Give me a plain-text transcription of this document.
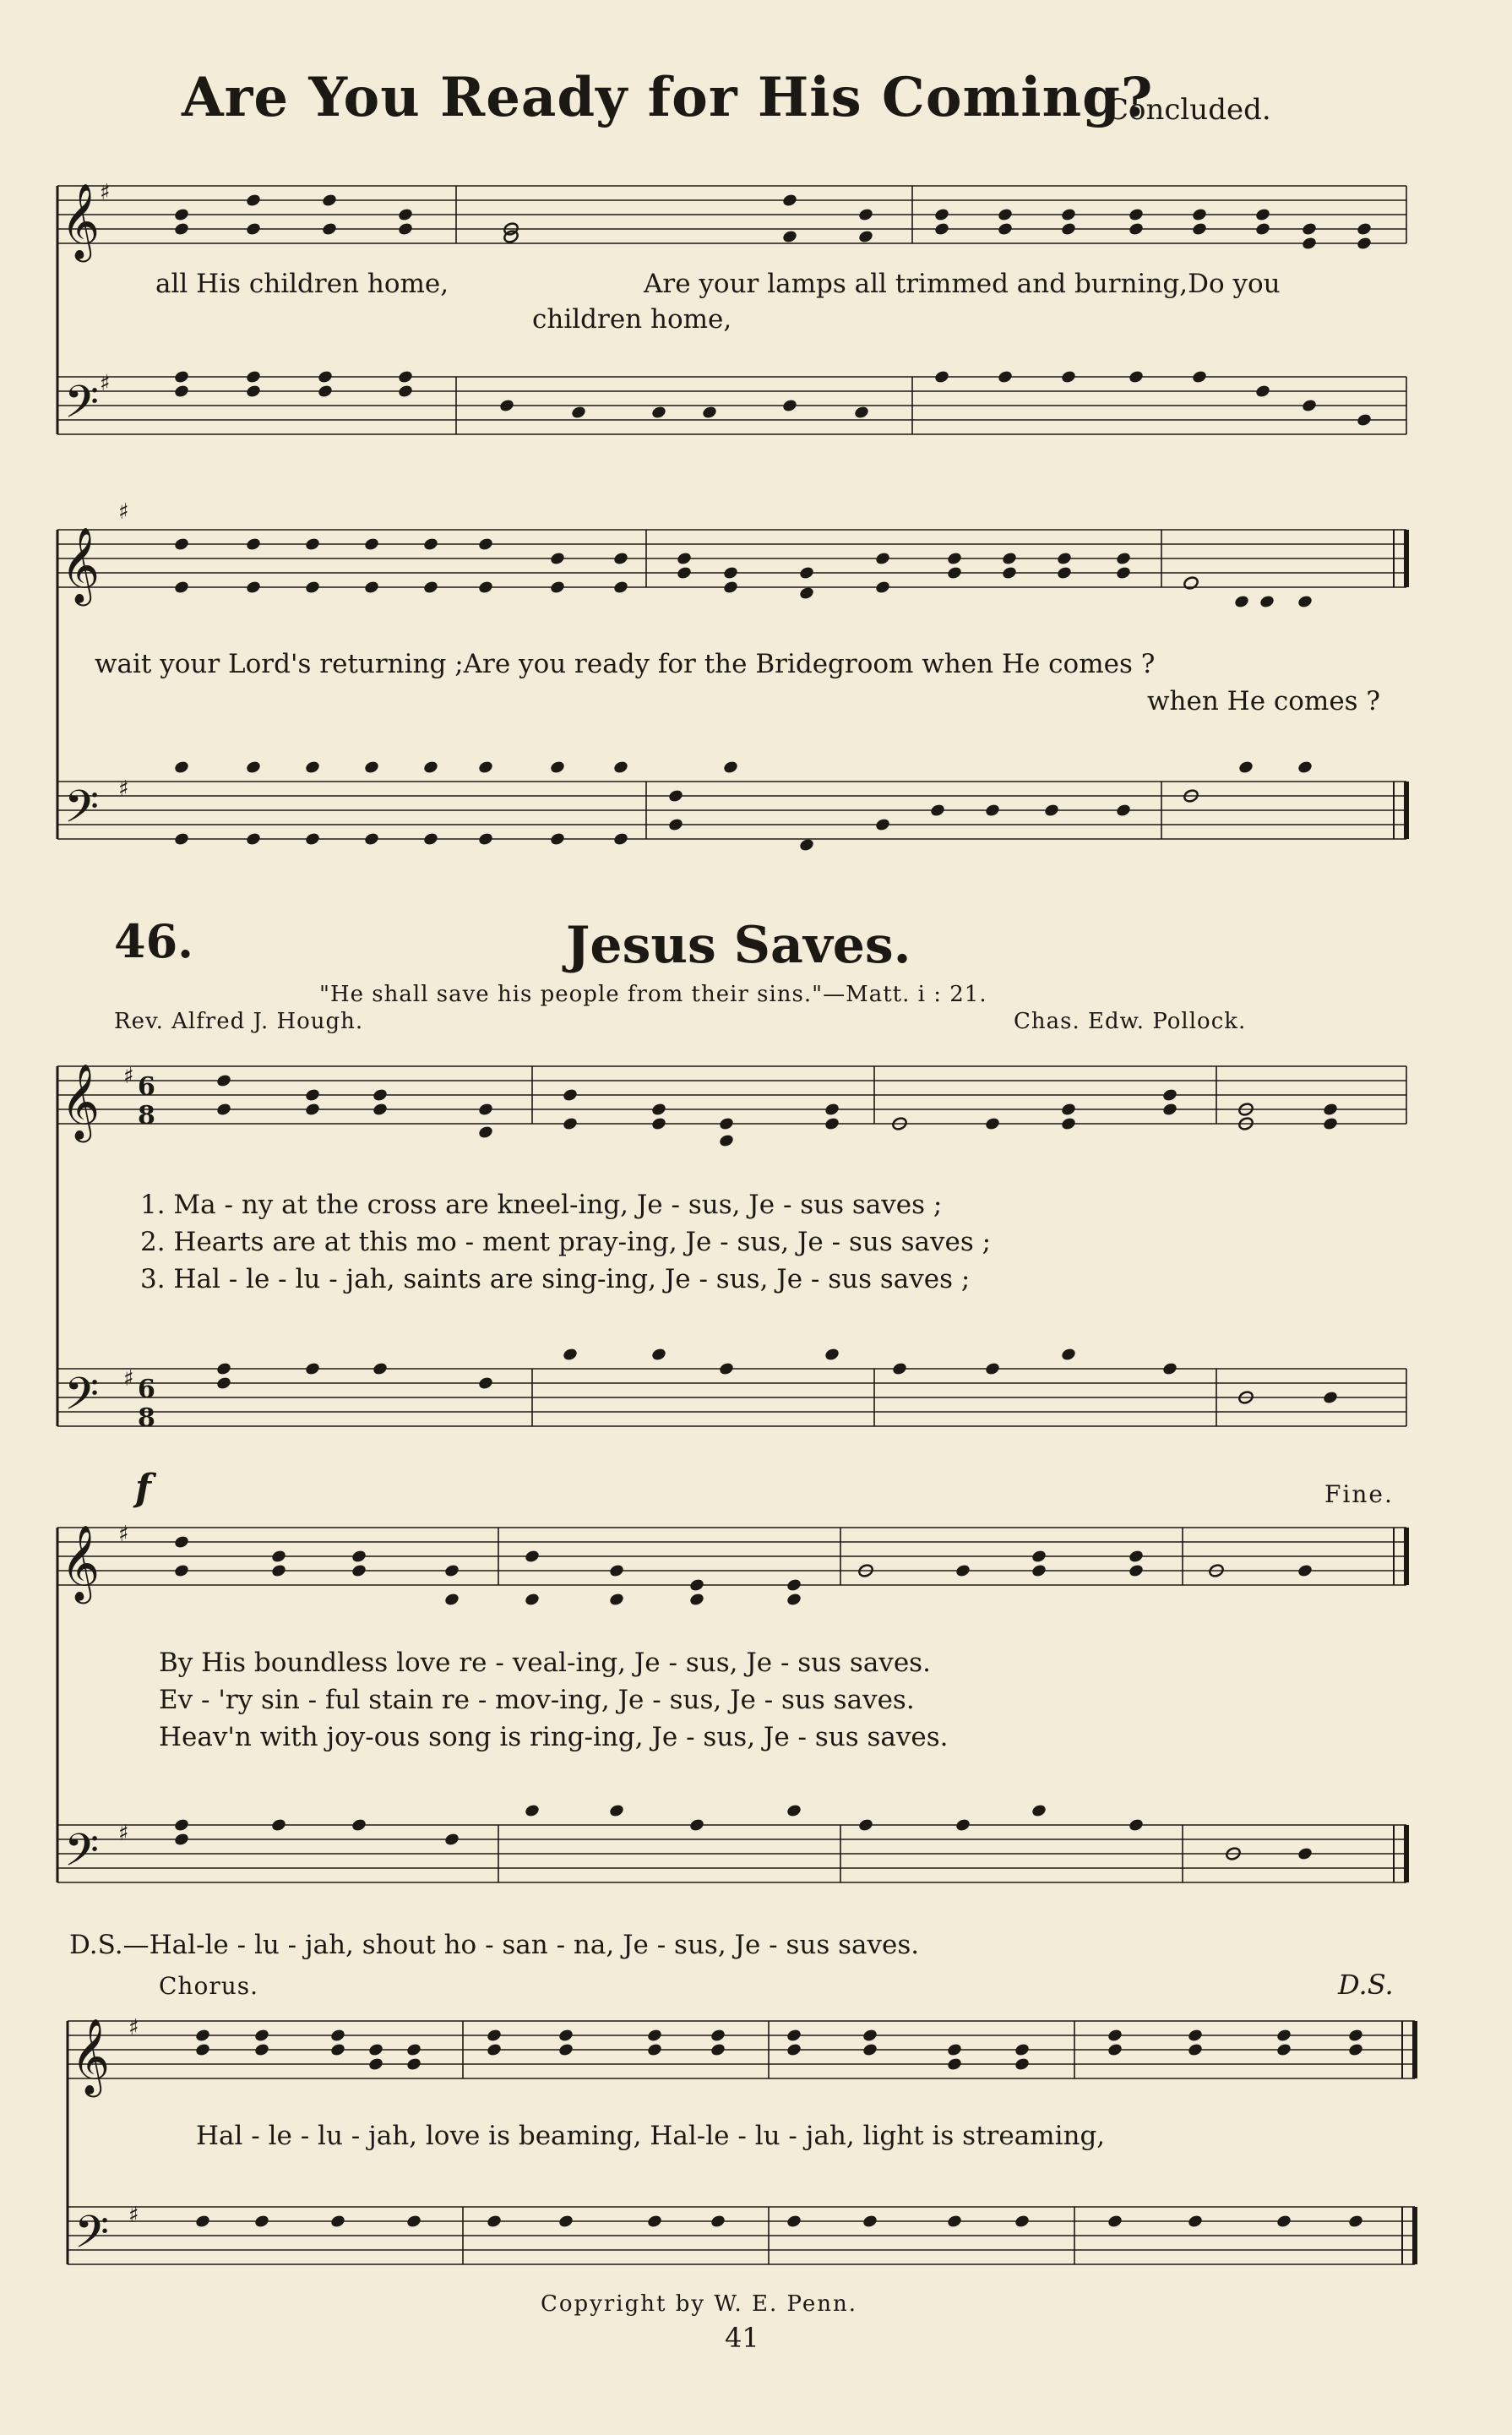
Are You Ready for His Coming?
Concluded.
𝄞
𝄢
♯
♯
all His children home,	Are your lamps all trimmed and burning,Do you
children home,
𝄞
𝄢
♯
♯
wait your Lord's returning ;Are you ready for the Bridegroom when He comes ?
when He comes ?
46.	Jesus Saves.
"He shall save his people from their sins."—Matt. i : 21.
Rev. Alfred J. Hough.	Chas. Edw. Pollock.
𝄞
𝄢
♯
♯
6
8
6
8
1. Ma - ny at the cross are kneel-ing, Je - sus, Je - sus saves ;
2. Hearts are at this mo - ment pray-ing, Je - sus, Je - sus saves ;
3. Hal - le - lu - jah, saints are sing-ing, Je - sus, Je - sus saves ;
f	Fine.
𝄞
𝄢
♯
♯
By His boundless love re - veal-ing, Je - sus, Je - sus saves.
Ev - 'ry sin - ful stain re - mov-ing, Je - sus, Je - sus saves.
Heav'n with joy-ous song is ring-ing, Je - sus, Je - sus saves.
D.S.—Hal-le - lu - jah, shout ho - san - na, Je - sus, Je - sus saves.
Chorus.	D.S.
𝄞
𝄢
♯
♯
Hal - le - lu - jah, love is beaming, Hal-le - lu - jah, light is streaming,
Copyright by W. E. Penn.
41
